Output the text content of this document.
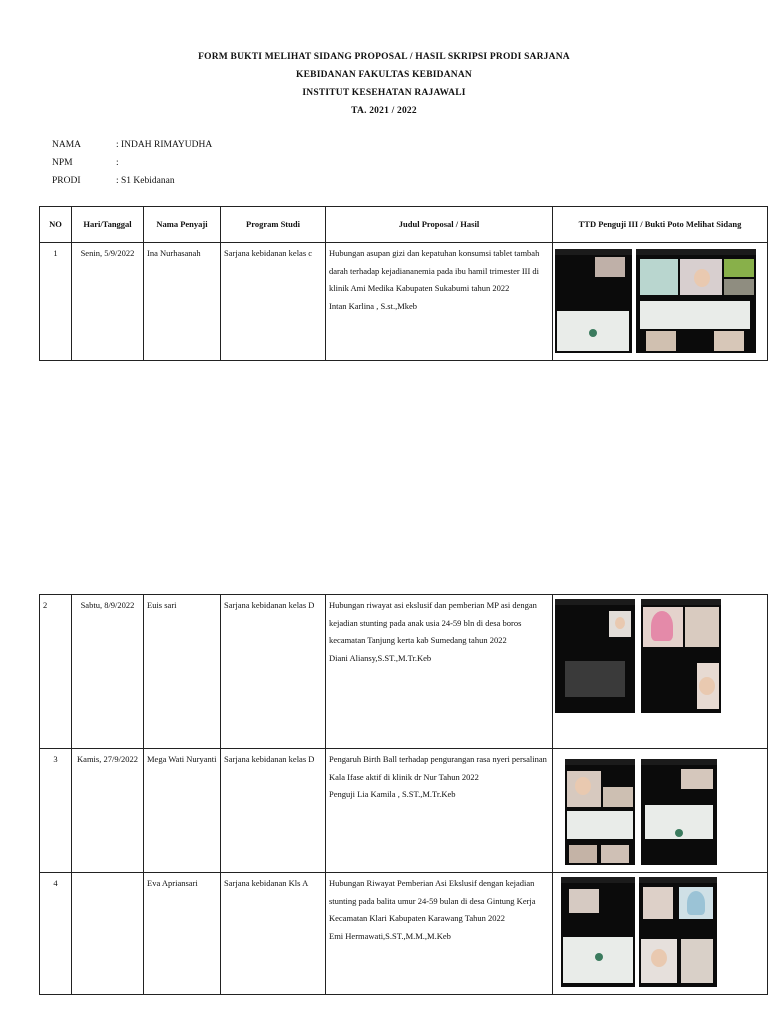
FORM BUKTI MELIHAT SIDANG PROPOSAL / HASIL SKRIPSI PRODI SARJANA
KEBIDANAN FAKULTAS KEBIDANAN
INSTITUT KESEHATAN RAJAWALI
TA. 2021 / 2022
NAMA	: INDAH RIMAYUDHA
NPM	:
PRODI	: S1 Kebidanan
NO	Hari/Tanggal	Nama Penyaji	Program Studi	Judul Proposal / Hasil	TTD Penguji III / Bukti Poto Melihat Sidang
1	Senin, 5/9/2022	Ina Nurhasanah	Sarjana kebidanan kelas c	Hubungan asupan gizi dan kepatuhan konsumsi tablet tambah darah terhadap kejadiananemia pada ibu hamil trimester III di klinik Ami Medika Kabupaten Sukabumi tahun 2022
Intan Karlina , S.st.,Mkeb	

2	Sabtu, 8/9/2022	Euis sari	Sarjana kebidanan kelas D	Hubungan riwayat asi ekslusif dan pemberian MP asi dengan kejadian stunting pada anak usia 24-59 bln di desa boros kecamatan Tanjung kerta kab Sumedang tahun 2022
Diani Aliansy,S.ST.,M.Tr.Keb	

3	Kamis, 27/9/2022	Mega Wati Nuryanti	Sarjana kebidanan kelas D	Pengaruh Birth Ball terhadap pengurangan rasa nyeri persalinan Kala Ifase aktif di klinik dr Nur Tahun 2022
Penguji Lia Kamila , S.ST.,M.Tr.Keb	

4		Eva Apriansari	Sarjana kebidanan Kls A	Hubungan Riwayat Pemberian Asi Ekslusif dengan kejadian stunting pada balita umur 24-59 bulan di desa Gintung Kerja Kecamatan Klari Kabupaten Karawang Tahun 2022
Emi Hermawati,S.ST.,M.M.,M.Keb	
